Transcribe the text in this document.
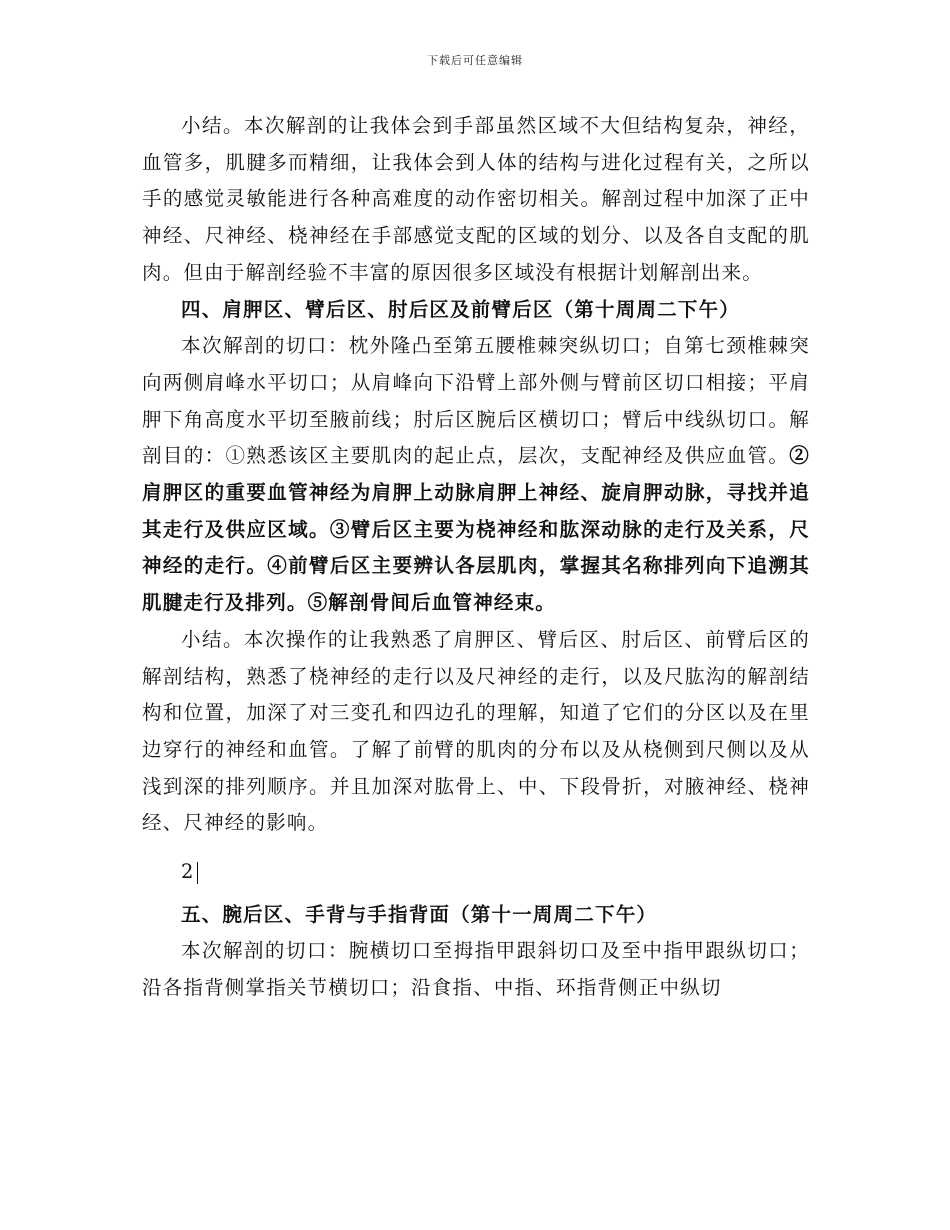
下载后可任意编辑

小结。本次解剖的让我体会到手部虽然区域不大但结构复杂，神经，血管多，肌腱多而精细，让我体会到人体的结构与进化过程有关，之所以手的感觉灵敏能进行各种高难度的动作密切相关。解剖过程中加深了正中神经、尺神经、桡神经在手部感觉支配的区域的划分、以及各自支配的肌肉。但由于解剖经验不丰富的原因很多区域没有根据计划解剖出来。

四、肩胛区、臂后区、肘后区及前臂后区（第十周周二下午）

本次解剖的切口：枕外隆凸至第五腰椎棘突纵切口；自第七颈椎棘突向两侧肩峰水平切口；从肩峰向下沿臂上部外侧与臂前区切口相接；平肩胛下角高度水平切至腋前线；肘后区腕后区横切口；臂后中线纵切口。解剖目的：①熟悉该区主要肌肉的起止点，层次，支配神经及供应血管。②肩胛区的重要血管神经为肩胛上动脉肩胛上神经、旋肩胛动脉，寻找并追其走行及供应区域。③臂后区主要为桡神经和肱深动脉的走行及关系，尺神经的走行。④前臂后区主要辨认各层肌肉，掌握其名称排列向下追溯其肌腱走行及排列。⑤解剖骨间后血管神经束。

小结。本次操作的让我熟悉了肩胛区、臂后区、肘后区、前臂后区的解剖结构，熟悉了桡神经的走行以及尺神经的走行，以及尺肱沟的解剖结构和位置，加深了对三变孔和四边孔的理解，知道了它们的分区以及在里边穿行的神经和血管。了解了前臂的肌肉的分布以及从桡侧到尺侧以及从浅到深的排列顺序。并且加深对肱骨上、中、下段骨折，对腋神经、桡神经、尺神经的影响。

2

五、腕后区、手背与手指背面（第十一周周二下午）

本次解剖的切口：腕横切口至拇指甲跟斜切口及至中指甲跟纵切口；沿各指背侧掌指关节横切口；沿食指、中指、环指背侧正中纵切
